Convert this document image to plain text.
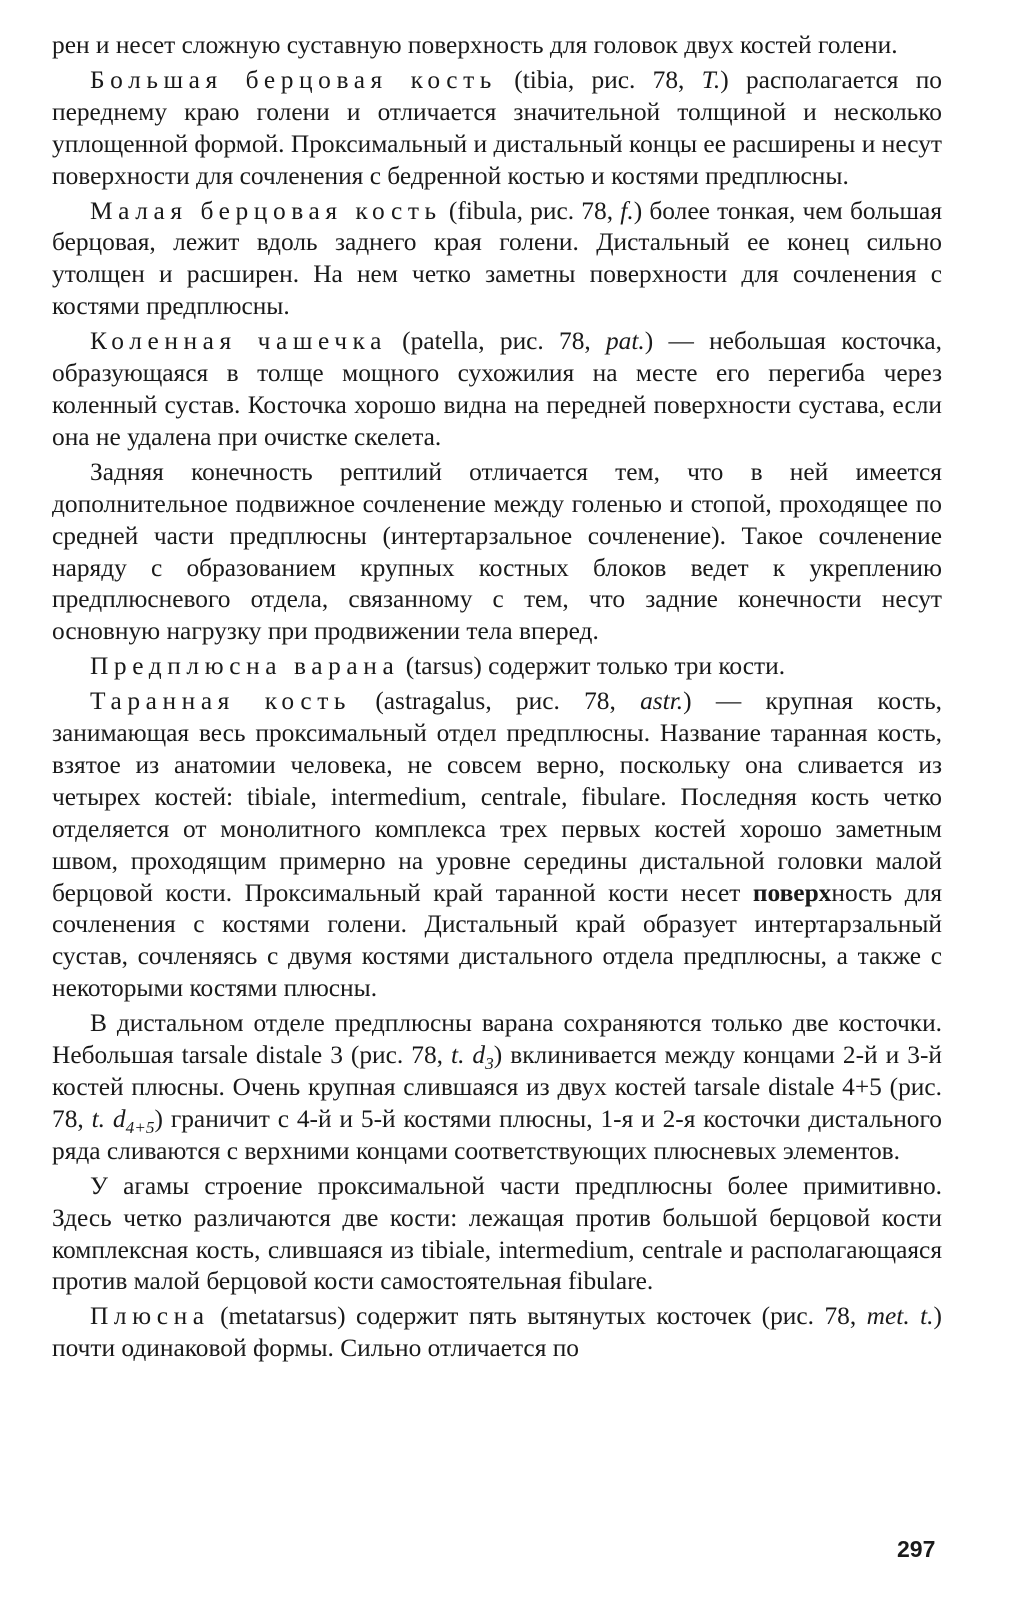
рен и несет сложную суставную поверхность для головок двух костей голени.

Большая берцовая кость (tibia, рис. 78, T.) располагается по переднему краю голени и отличается значительной толщиной и несколько уплощенной формой. Проксимальный и дистальный концы ее расширены и несут поверхности для сочленения с бедренной костью и костями предплюсны.

Малая берцовая кость (fibula, рис. 78, f.) более тонкая, чем большая берцовая, лежит вдоль заднего края голени. Дистальный ее конец сильно утолщен и расширен. На нем четко заметны поверхности для сочленения с костями предплюсны.

Коленная чашечка (patella, рис. 78, pat.) — небольшая косточка, образующаяся в толще мощного сухожилия на месте его перегиба через коленный сустав. Косточка хорошо видна на передней поверхности сустава, если она не удалена при очистке скелета.

Задняя конечность рептилий отличается тем, что в ней имеется дополнительное подвижное сочленение между голенью и стопой, проходящее по средней части предплюсны (интертарзальное сочленение). Такое сочленение наряду с образованием крупных костных блоков ведет к укреплению предплюсневого отдела, связанному с тем, что задние конечности несут основную нагрузку при продвижении тела вперед.

Предплюсна варана (tarsus) содержит только три кости.

Таранная кость (astragalus, рис. 78, astr.) — крупная кость, занимающая весь проксимальный отдел предплюсны. Название таранная кость, взятое из анатомии человека, не совсем верно, поскольку она сливается из четырех костей: tibiale, intermedium, centrale, fibulare. Последняя кость четко отделяется от монолитного комплекса трех первых костей хорошо заметным швом, проходящим примерно на уровне середины дистальной головки малой берцовой кости. Проксимальный край таранной кости несет поверхность для сочленения с костями голени. Дистальный край образует интертарзальный сустав, сочленяясь с двумя костями дистального отдела предплюсны, а также с некоторыми костями плюсны.

В дистальном отделе предплюсны варана сохраняются только две косточки. Небольшая tarsale distale 3 (рис. 78, t. $d_3$) вклинивается между концами 2-й и 3-й костей плюсны. Очень крупная слившаяся из двух костей tarsale distale 4+5 (рис. 78, t. $d_{4+5}$) граничит с 4-й и 5-й костями плюсны, 1-я и 2-я косточки дистального ряда сливаются с верхними концами соответствующих плюсневых элементов.

У агамы строение проксимальной части предплюсны более примитивно. Здесь четко различаются две кости: лежащая против большой берцовой кости комплексная кость, слившаяся из tibiale, intermedium, centrale и располагающаяся против малой берцовой кости самостоятельная fibulare.

Плюсна (metatarsus) содержит пять вытянутых косточек (рис. 78, met. t.) почти одинаковой формы. Сильно отличается по

297
